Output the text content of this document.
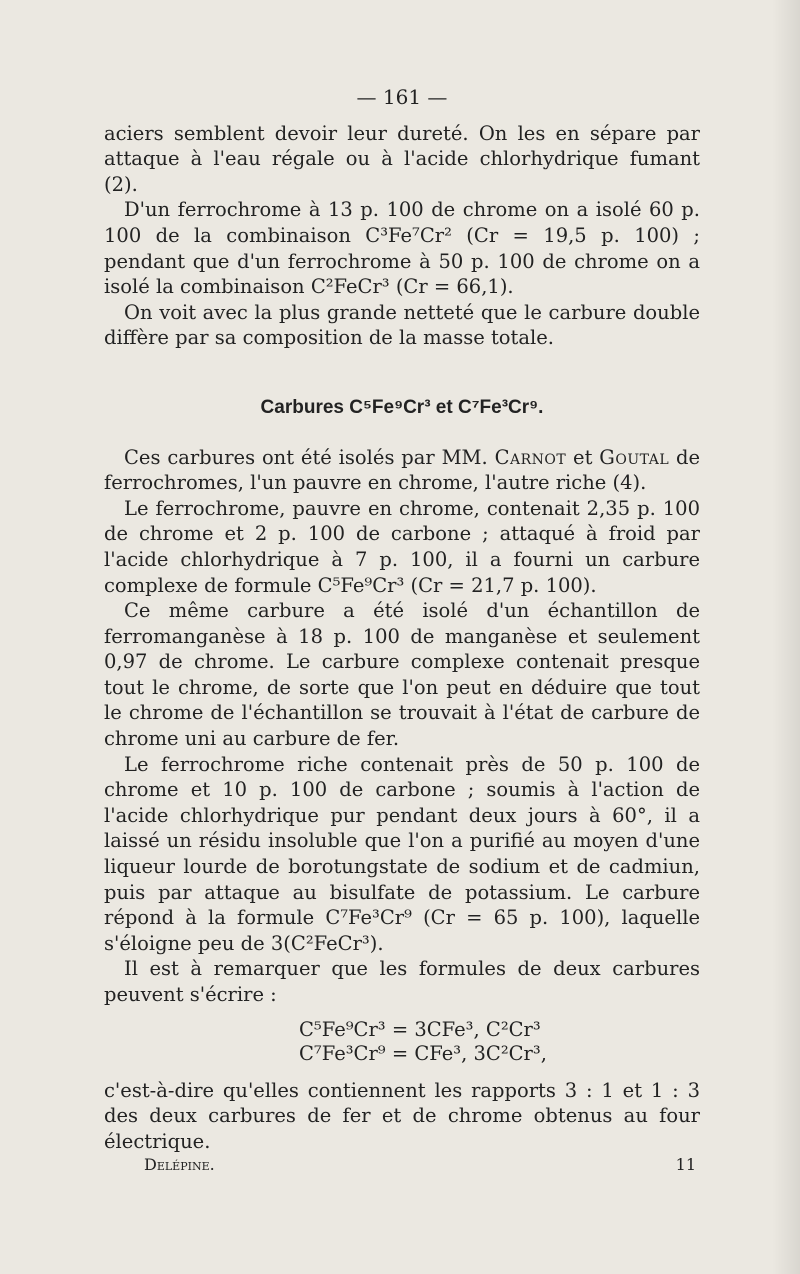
— 161 —

aciers semblent devoir leur dureté. On les en sépare par attaque à l'eau régale ou à l'acide chlorhydrique fumant (2).

D'un ferrochrome à 13 p. 100 de chrome on a isolé 60 p. 100 de la combinaison C³Fe⁷Cr² (Cr = 19,5 p. 100) ; pendant que d'un ferrochrome à 50 p. 100 de chrome on a isolé la combinaison C²FeCr³ (Cr = 66,1).

On voit avec la plus grande netteté que le carbure double diffère par sa composition de la masse totale.

Carbures C⁵Fe⁹Cr³ et C⁷Fe³Cr⁹.

Ces carbures ont été isolés par MM. Carnot et Goutal de ferrochromes, l'un pauvre en chrome, l'autre riche (4).

Le ferrochrome, pauvre en chrome, contenait 2,35 p. 100 de chrome et 2 p. 100 de carbone ; attaqué à froid par l'acide chlorhydrique à 7 p. 100, il a fourni un carbure complexe de formule C⁵Fe⁹Cr³ (Cr = 21,7 p. 100).

Ce même carbure a été isolé d'un échantillon de ferromanganèse à 18 p. 100 de manganèse et seulement 0,97 de chrome. Le carbure complexe contenait presque tout le chrome, de sorte que l'on peut en déduire que tout le chrome de l'échantillon se trouvait à l'état de carbure de chrome uni au carbure de fer.

Le ferrochrome riche contenait près de 50 p. 100 de chrome et 10 p. 100 de carbone ; soumis à l'action de l'acide chlorhydrique pur pendant deux jours à 60°, il a laissé un résidu insoluble que l'on a purifié au moyen d'une liqueur lourde de borotungstate de sodium et de cadmiun, puis par attaque au bisulfate de potassium. Le carbure répond à la formule C⁷Fe³Cr⁹ (Cr = 65 p. 100), laquelle s'éloigne peu de 3(C²FeCr³).

Il est à remarquer que les formules de deux carbures peuvent s'écrire :

C⁵Fe⁹Cr³ = 3CFe³, C²Cr³
C⁷Fe³Cr⁹ = CFe³, 3C²Cr³,

c'est-à-dire qu'elles contiennent les rapports 3 : 1 et 1 : 3 des deux carbures de fer et de chrome obtenus au four électrique.

Delépine.	11
